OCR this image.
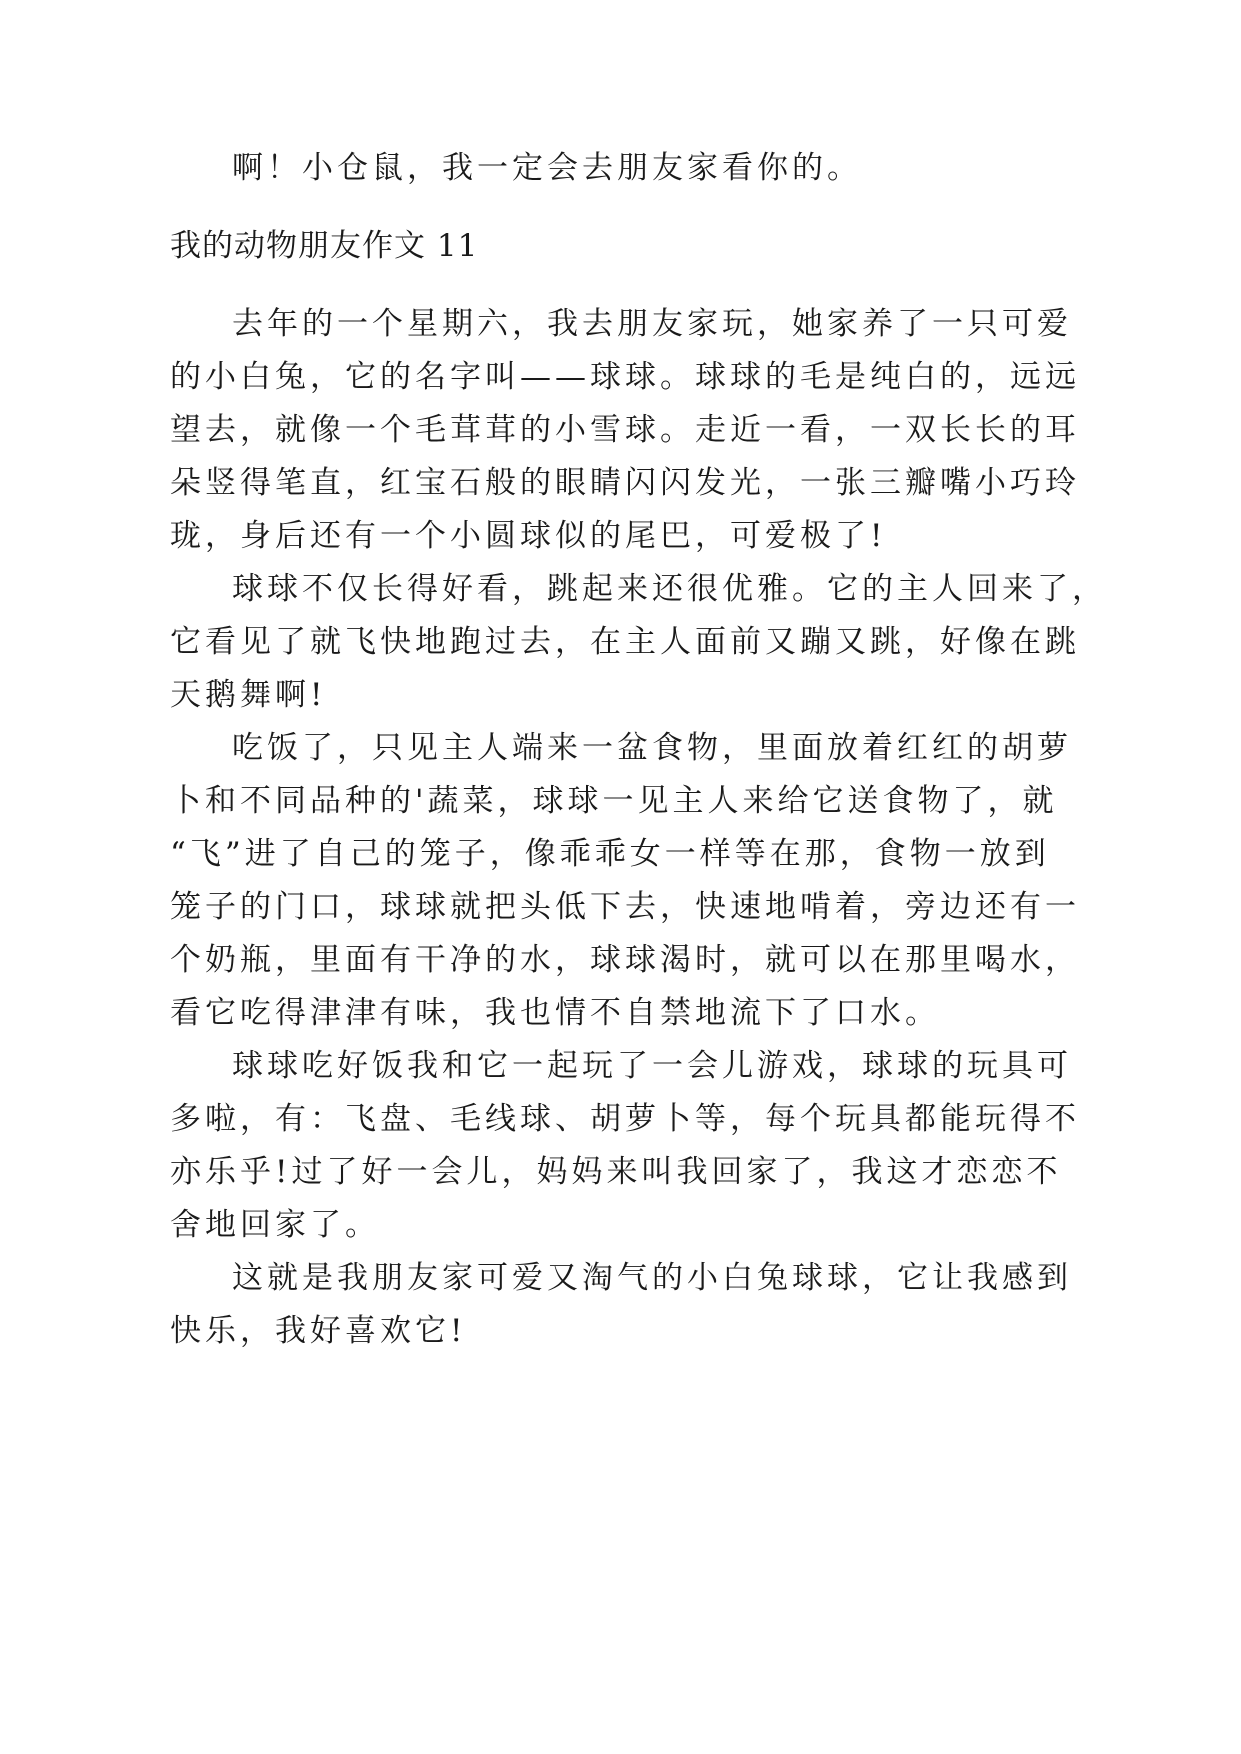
啊！小仓鼠，我一定会去朋友家看你的。
我的动物朋友作文 11
去年的一个星期六，我去朋友家玩，她家养了一只可爱
的小白兔，它的名字叫——球球。球球的毛是纯白的，远远
望去，就像一个毛茸茸的小雪球。走近一看，一双长长的耳
朵竖得笔直，红宝石般的眼睛闪闪发光，一张三瓣嘴小巧玲
珑，身后还有一个小圆球似的尾巴，可爱极了!
球球不仅长得好看，跳起来还很优雅。它的主人回来了，
它看见了就飞快地跑过去，在主人面前又蹦又跳，好像在跳
天鹅舞啊!
吃饭了，只见主人端来一盆食物，里面放着红红的胡萝
卜和不同品种的'蔬菜，球球一见主人来给它送食物了，就
“飞”进了自己的笼子，像乖乖女一样等在那，食物一放到
笼子的门口，球球就把头低下去，快速地啃着，旁边还有一
个奶瓶，里面有干净的水，球球渴时，就可以在那里喝水，
看它吃得津津有味，我也情不自禁地流下了口水。
球球吃好饭我和它一起玩了一会儿游戏，球球的玩具可
多啦，有：飞盘、毛线球、胡萝卜等，每个玩具都能玩得不
亦乐乎!过了好一会儿，妈妈来叫我回家了，我这才恋恋不
舍地回家了。
这就是我朋友家可爱又淘气的小白兔球球，它让我感到
快乐，我好喜欢它!
